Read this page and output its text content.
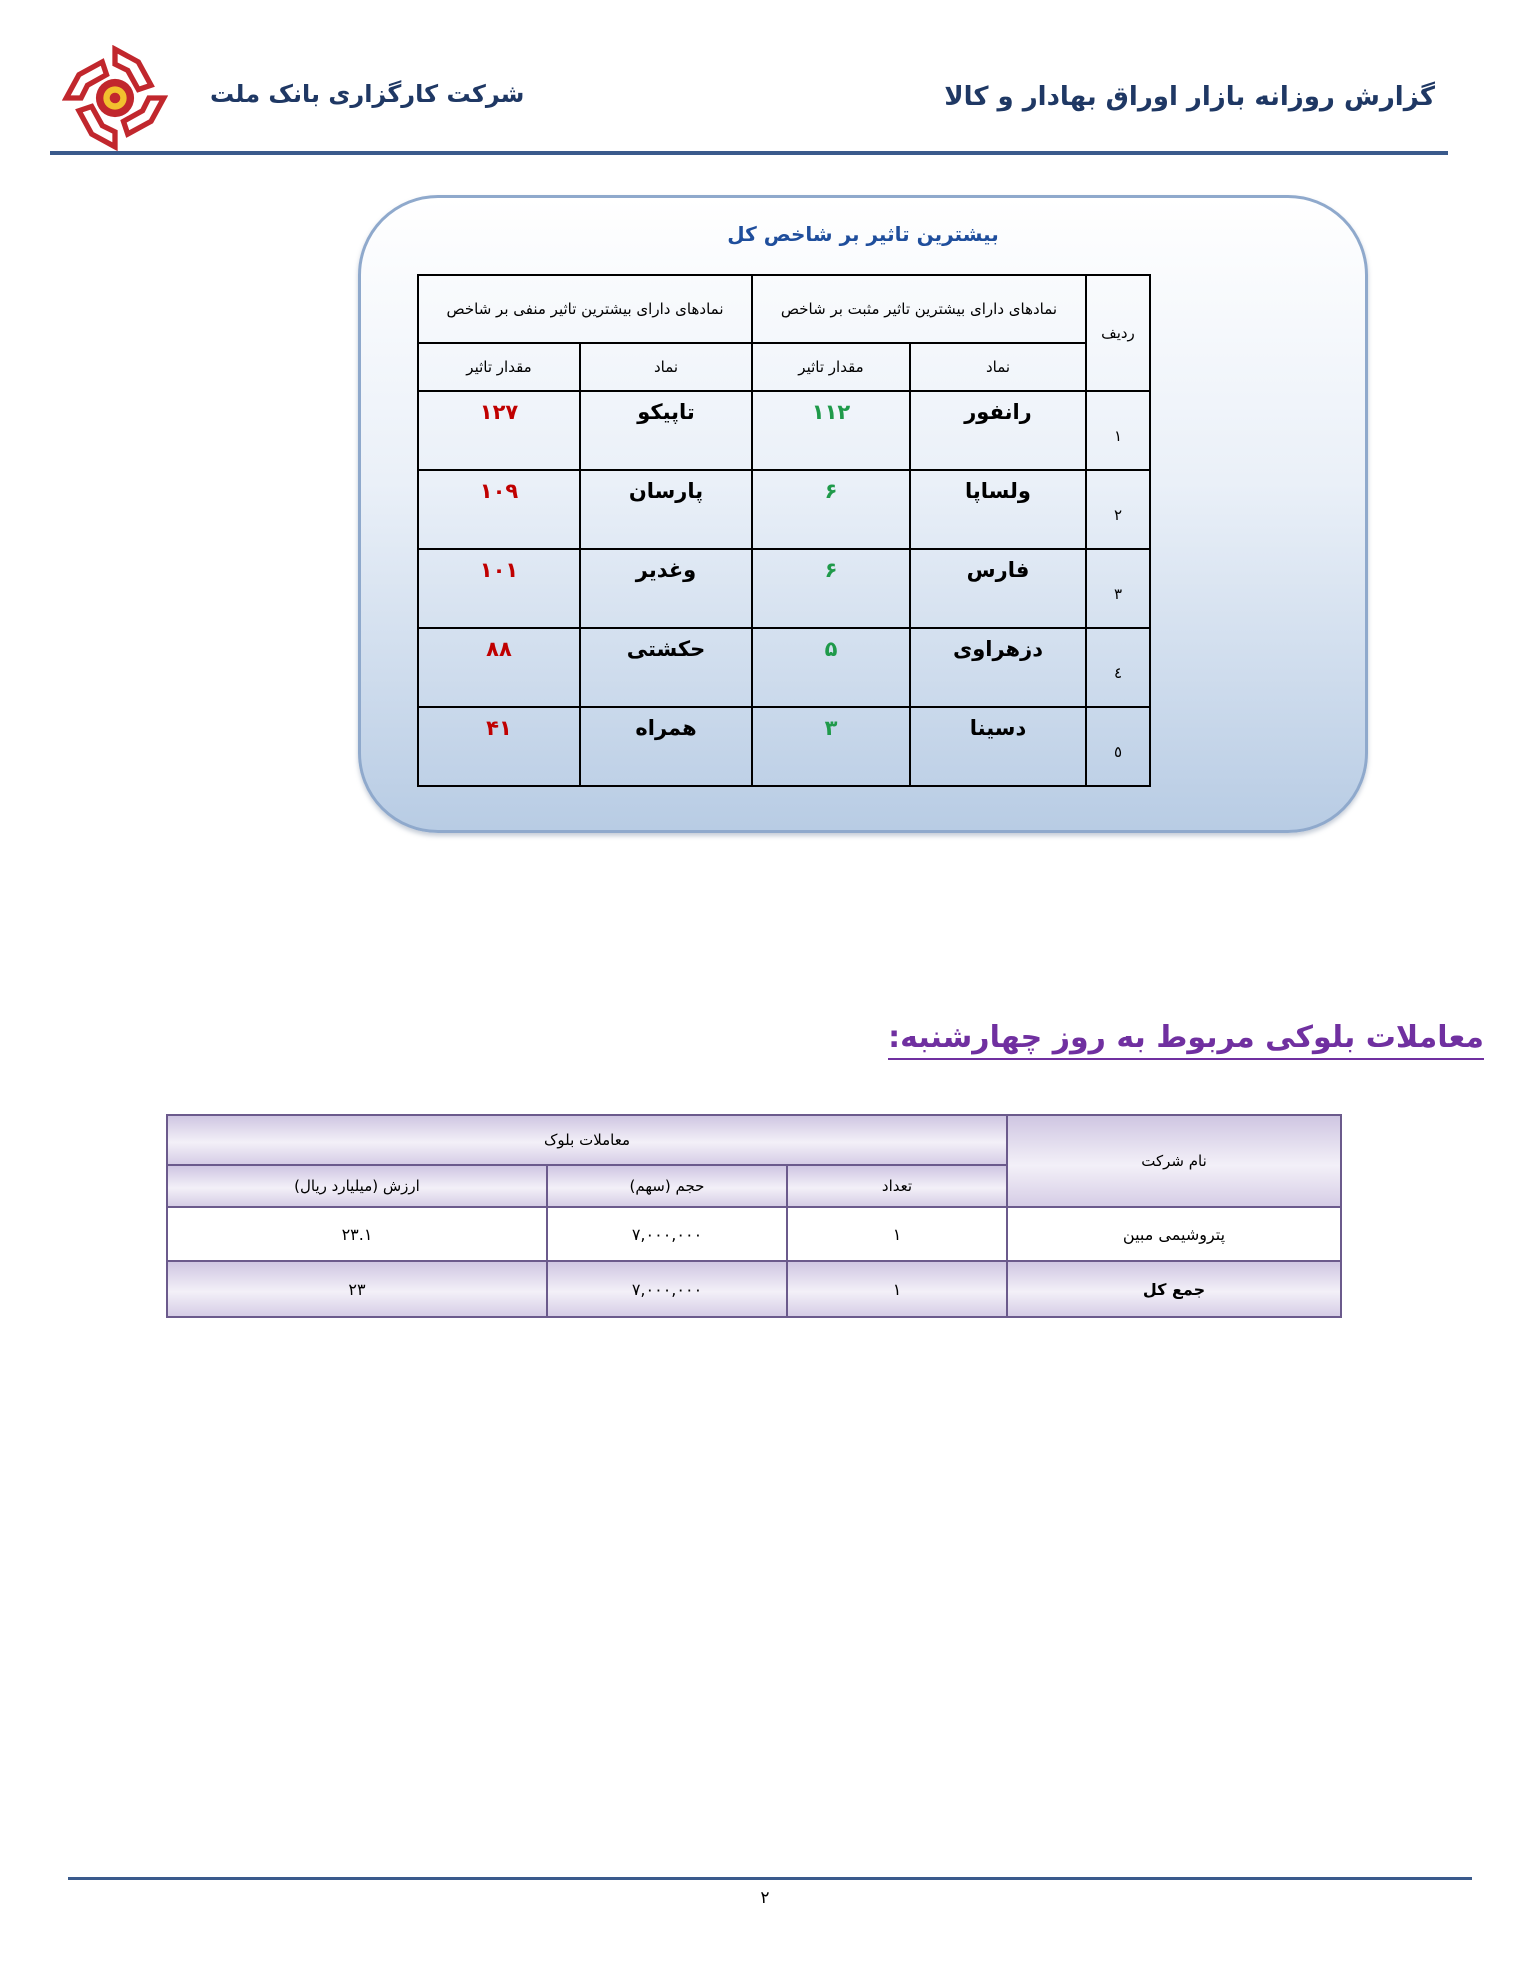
گزارش روزانه بازار اوراق بهادار و کالا
شرکت کارگزاری بانک ملت
بیشترین تاثیر بر شاخص کل
ردیف	نمادهای دارای بیشترین تاثیر مثبت بر شاخص		نمادهای دارای بیشترین تاثیر منفی بر شاخص	
	نماد	مقدار تاثیر	نماد	مقدار تاثیر
۱	رانفور	۱۱۲	تاپیکو	۱۲۷
۲	ولساپا	۶	پارسان	۱۰۹
۳	فارس	۶	وغدیر	۱۰۱
٤	دزهراوی	۵	حکشتی	۸۸
٥	دسینا	۳	همراه	۴۱
معاملات بلوکی مربوط به روز چهارشنبه:
نام شرکت	معاملات بلوک		
	تعداد	حجم (سهم)	ارزش (میلیارد ریال)
پتروشیمی مبین	۱	۷,۰۰۰,۰۰۰	۲۳.۱
جمع کل	۱	۷,۰۰۰,۰۰۰	۲۳
۲
